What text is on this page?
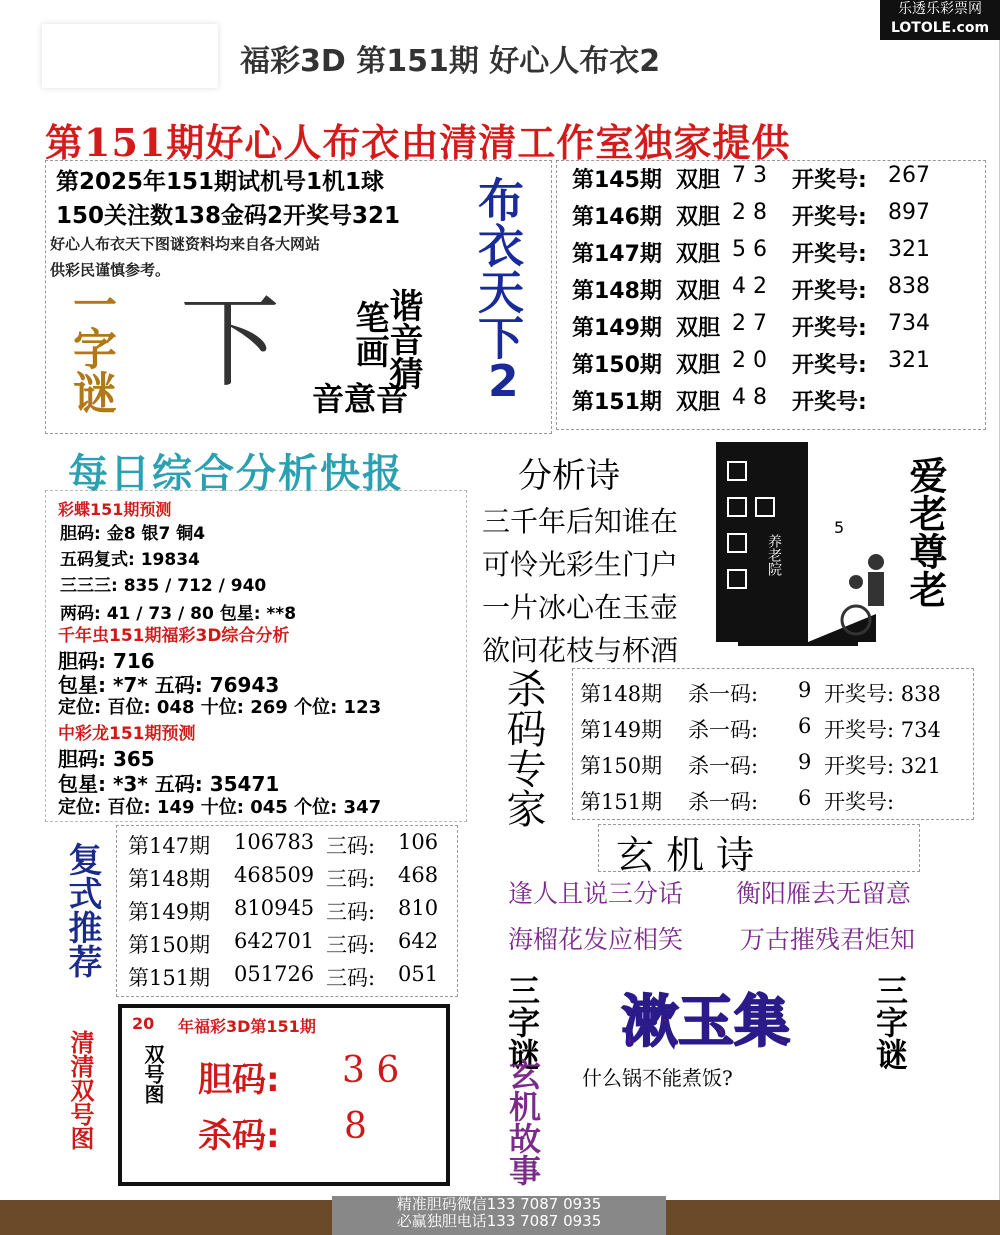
福彩3D 第151期 好心人布衣2
乐透乐彩票网
LOTOLE.com
第151期好心人布衣由清清工作室独家提供
第2025年151期试机号1机1球
150关注数138金码2开奖号321
好心人布衣天下图谜资料均来自各大网站
供彩民谨慎参考。	布衣天下
2
一字谜 下	谐音猜
笔画
音意音
第145期 双胆 7 3 开奖号: 267
第146期 双胆 2 8 开奖号: 897
第147期 双胆 5 6 开奖号: 321
第148期 双胆 4 2 开奖号: 838
第149期 双胆 2 7 开奖号: 734
第150期 双胆 2 0 开奖号: 321
第151期 双胆 4 8 开奖号:
每日综合分析快报
彩蝶151期预测
胆码: 金8 银7 铜4
五码复式: 19834
三三三: 835 / 712 / 940
两码: 41 / 73 / 80 包星: **8
千年虫151期福彩3D综合分析
胆码: 716
包星: *7* 五码: 76943
定位: 百位: 048 十位: 269 个位: 123
中彩龙151期预测
胆码: 365
包星: *3* 五码: 35471
定位: 百位: 149 十位: 045 个位: 347
分析诗
三千年后知谁在
可怜光彩生门户
一片冰心在玉壶
欲问花枝与杯酒
养老院
5 爱老尊老
杀码专家 第148期 杀一码: 9 开奖号: 838
第149期 杀一码: 6 开奖号: 734
第150期 杀一码: 9 开奖号: 321
第151期 杀一码: 6 开奖号:
复式推荐 第147期 106783 三码: 106
第148期 468509 三码: 468
第149期 810945 三码: 810
第150期 642701 三码: 642
第151期 051726 三码: 051
玄 机 诗
逢人且说三分话 衡阳雁去无留意
海榴花发应相笑 万古摧残君炬知
三字谜
玄机故事
漱玉集	三字谜
什么锅不能煮饭?
清清双号图
20 年福彩3D第151期
双号图 胆码: 3 6
杀码: 8
精准胆码微信133 7087 0935
必赢独胆电话133 7087 0935
